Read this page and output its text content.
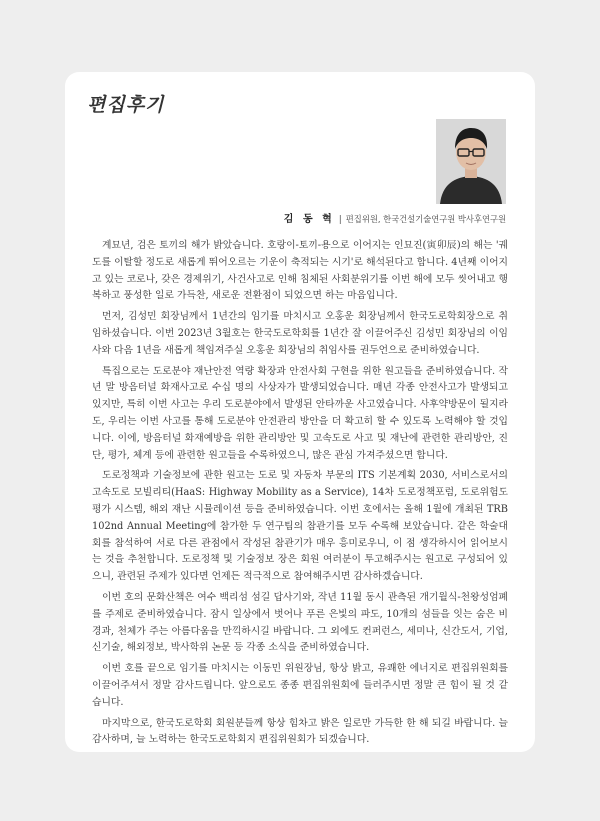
편집후기
김 동 혁 | 편집위원, 한국건설기술연구원 박사후연구원

계묘년, 검은 토끼의 해가 밝았습니다. 호랑이-토끼-용으로 이어지는 인묘진(寅卯辰)의 해는 '궤도를 이탈할 정도로 새롭게 뛰어오르는 기운이 축적되는 시기'로 해석된다고 합니다. 4년째 이어지고 있는 코로나, 갖은 경제위기, 사건사고로 인해 침체된 사회분위기를 이번 해에 모두 씻어내고 행복하고 풍성한 일로 가득찬, 새로운 전환점이 되었으면 하는 마음입니다.

먼저, 김성민 회장님께서 1년간의 임기를 마치시고 오홍운 회장님께서 한국도로학회장으로 취임하셨습니다. 이번 2023년 3월호는 한국도로학회를 1년간 잘 이끌어주신 김성민 회장님의 이임사와 다음 1년을 새롭게 책임져주실 오홍운 회장님의 취임사를 권두언으로 준비하였습니다.

특집으로는 도로분야 재난안전 역량 확장과 안전사회 구현을 위한 원고들을 준비하였습니다. 작년 말 방음터널 화재사고로 수십 명의 사상자가 발생되었습니다. 매년 각종 안전사고가 발생되고 있지만, 특히 이번 사고는 우리 도로분야에서 발생된 안타까운 사고였습니다. 사후약방문이 될지라도, 우리는 이번 사고를 통해 도로분야 안전관리 방안을 더 확고히 할 수 있도록 노력해야 할 것입니다. 이에, 방음터널 화재예방을 위한 관리방안 및 고속도로 사고 및 재난에 관련한 관리방안, 진단, 평가, 체계 등에 관련한 원고들을 수록하였으니, 많은 관심 가져주셨으면 합니다.

도로정책과 기술정보에 관한 원고는 도로 및 자동차 부문의 ITS 기본계획 2030, 서비스로서의 고속도로 모빌리티(HaaS: Highway Mobility as a Service), 14차 도로정책포럼, 도로위험도 평가 시스템, 해외 재난 시뮬레이션 등을 준비하였습니다. 이번 호에서는 올해 1월에 개최된 TRB 102nd Annual Meeting에 참가한 두 연구팀의 참관기를 모두 수록해 보았습니다. 같은 학술대회를 참석하여 서로 다른 관점에서 작성된 참관기가 매우 흥미로우니, 이 점 생각하시어 읽어보시는 것을 추천합니다. 도로정책 및 기술정보 장은 회원 여러분이 투고해주시는 원고로 구성되어 있으니, 관련된 주제가 있다면 언제든 적극적으로 참여해주시면 감사하겠습니다.

이번 호의 문화산책은 여수 백리섬 섬길 답사기와, 작년 11월 동시 관측된 개기월식-천왕성엄폐를 주제로 준비하였습니다. 잠시 일상에서 벗어나 푸른 은빛의 파도, 10개의 섬들을 잇는 숨은 비경과, 천체가 주는 아름다움을 만끽하시길 바랍니다. 그 외에도 컨퍼런스, 세미나, 신간도서, 기업, 신기술, 해외정보, 박사학위 논문 등 각종 소식을 준비하였습니다.

이번 호를 끝으로 임기를 마치시는 이동민 위원장님, 항상 밝고, 유쾌한 에너지로 편집위원회를 이끌어주셔서 정말 감사드립니다. 앞으로도 종종 편집위원회에 들러주시면 정말 큰 힘이 될 것 같습니다.

마지막으로, 한국도로학회 회원분들께 항상 힘차고 밝은 일로만 가득한 한 해 되길 바랍니다. 늘 감사하며, 늘 노력하는 한국도로학회지 편집위원회가 되겠습니다.
